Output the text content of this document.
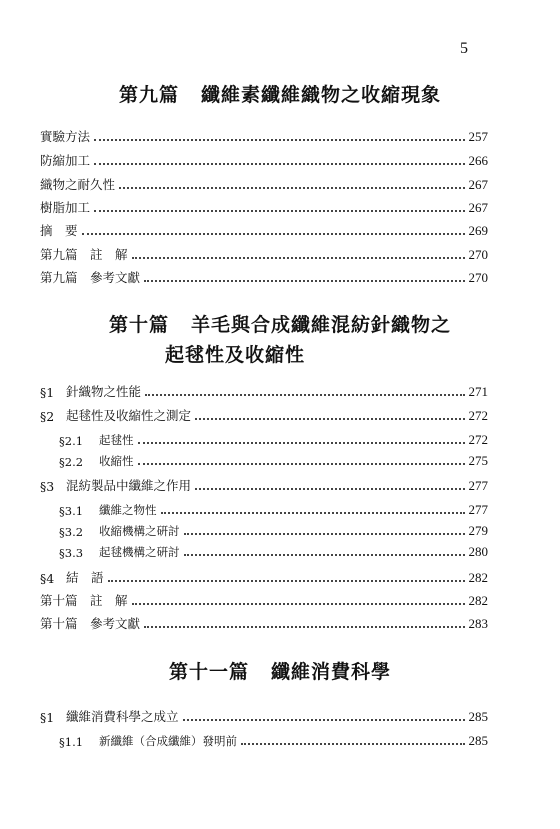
5
第九篇 纖維素纖維織物之收縮現象
實驗方法	257
防縮加工	266
織物之耐久性	267
樹脂加工	267
摘　要	269
第九篇　註　解	270
第九篇　參考文獻	270
第十篇 羊毛與合成纖維混紡針織物之
起毬性及收縮性
§1 針織物之性能	271
§2 起毬性及收縮性之測定	272
§2.1	起毬性	272
§2.2	收縮性	275
§3 混紡製品中纖維之作用	277
§3.1	纖維之物性	277
§3.2	收縮機構之硏討	279
§3.3	起毬機構之硏討	280
§4 結　語	282
第十篇　註　解	282
第十篇　參考文獻	283
第十一篇 纖維消費科學
§1 纖維消費科學之成立	285
§1.1	新纖維（合成纖維）發明前	285
